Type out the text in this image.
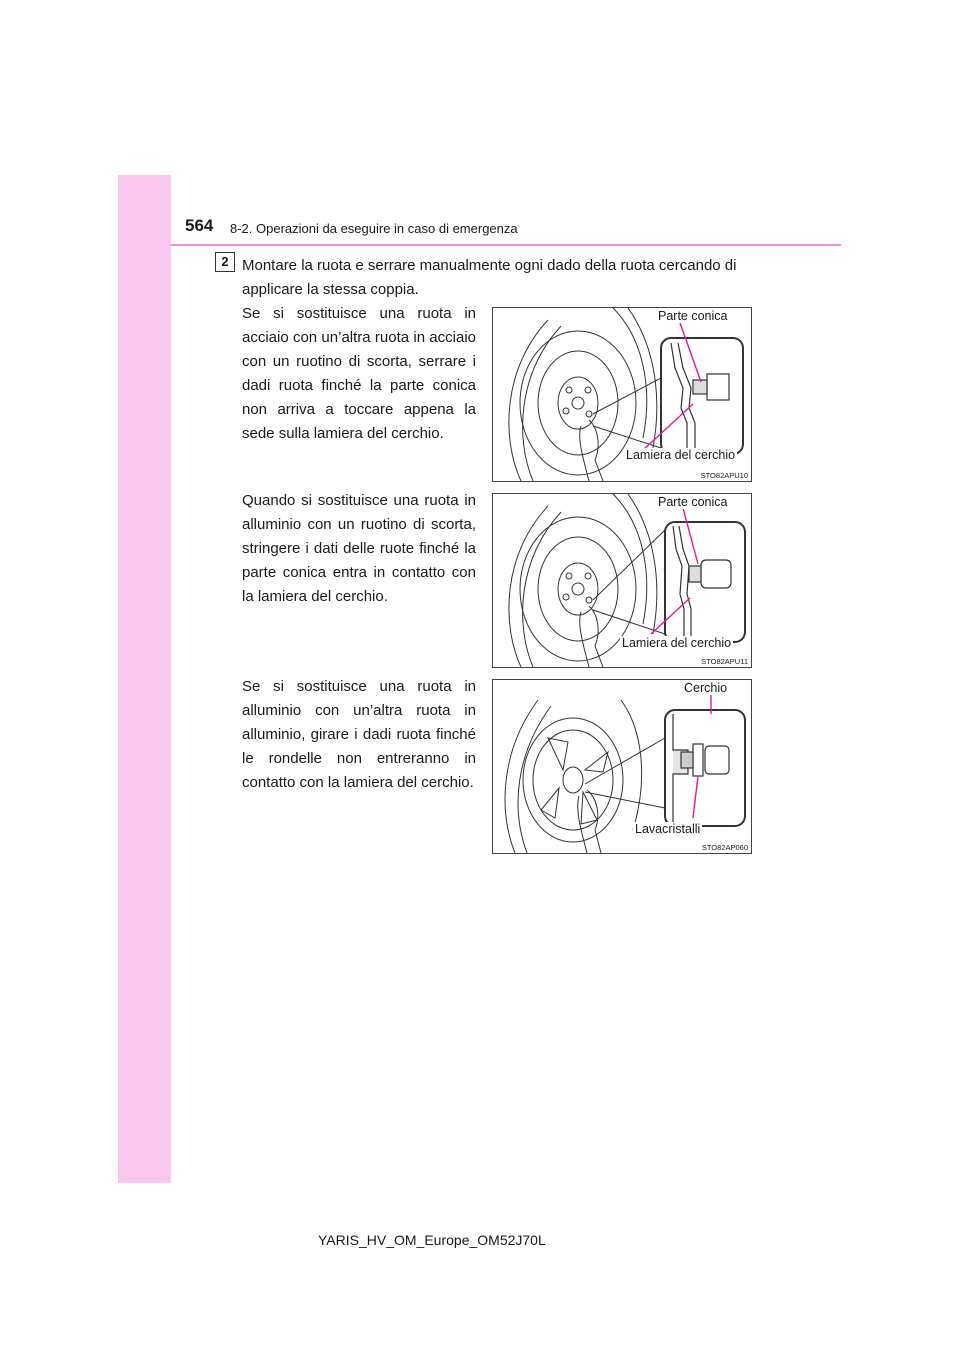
564 8-2. Operazioni da eseguire in caso di emergenza
2 Montare la ruota e serrare manualmente ogni dado della ruota cercando di applicare la stessa coppia.

Se si sostituisce una ruota in acciaio con un’altra ruota in acciaio con un ruotino di scorta, serrare i dadi ruota finché la parte conica non arriva a toccare appena la sede sulla lamiera del cerchio.

Parte conica
Lamiera del cerchio
STO82APU10

Quando si sostituisce una ruota in alluminio con un ruotino di scorta, stringere i dati delle ruote finché la parte conica entra in contatto con la lamiera del cerchio.

Parte conica
Lamiera del cerchio
STO82APU11

Se si sostituisce una ruota in alluminio con un’altra ruota in alluminio, girare i dadi ruota finché le rondelle non entreranno in contatto con la lamiera del cerchio.

Cerchio
Lavacristalli
STO82AP060
YARIS_HV_OM_Europe_OM52J70L
